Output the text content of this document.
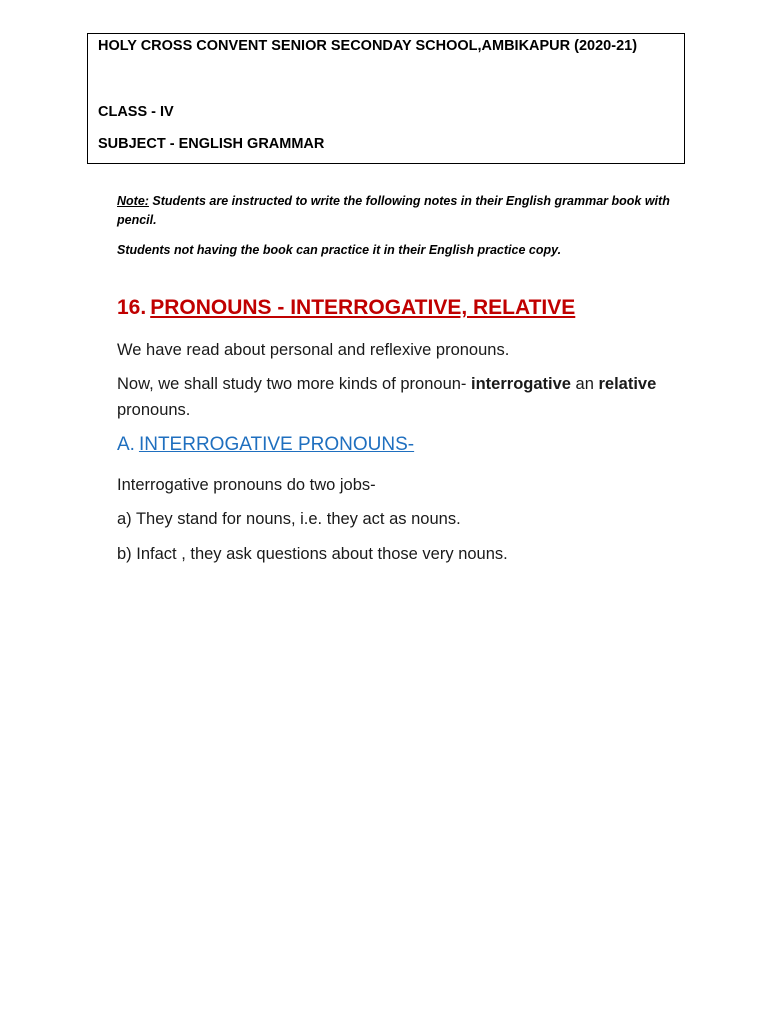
HOLY CROSS CONVENT SENIOR SECONDAY SCHOOL,AMBIKAPUR (2020-21)
CLASS - IV
SUBJECT - ENGLISH GRAMMAR
Note: Students are instructed to write the following notes in their English grammar book with pencil.
Students not having the book can practice it in their English practice copy.
16. PRONOUNS - INTERROGATIVE, RELATIVE
We have read about personal and reflexive pronouns.
Now, we shall study two more kinds of pronoun- interrogative an relative pronouns.
A. INTERROGATIVE PRONOUNS-
Interrogative pronouns do two jobs-
a) They stand for nouns, i.e. they act as nouns.
b) Infact , they ask questions about those very nouns.
